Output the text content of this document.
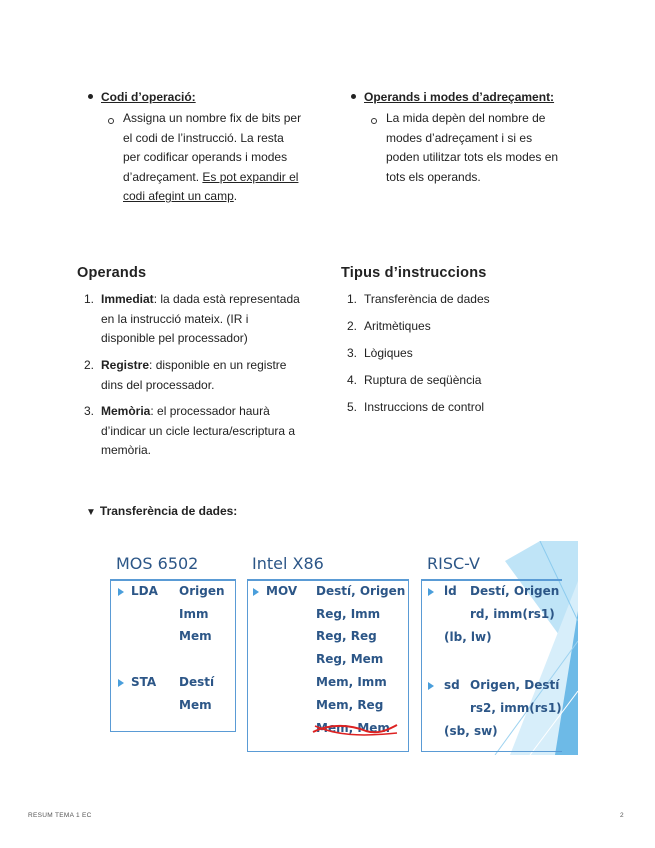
Codi d’operació:
Assigna un nombre fix de bits per
el codi de l’instrucció. La resta
per codificar operands i modes
d’adreçament. Es pot expandir el
codi afegint un camp.
Operands i modes d’adreçament:
La mida depèn del nombre de
modes d’adreçament i si es
poden utilitzar tots els modes en
tots els operands.
Operands
1. Immediat: la dada està representada
en la instrucció mateix. (IR i
disponible pel processador)
2. Registre: disponible en un registre
dins del processador.
3. Memòria: el processador haurà
d’indicar un cicle lectura/escriptura a
memòria.
Tipus d’instruccions
1. Transferència de dades
2. Aritmètiques
3. Lògiques
4. Ruptura de seqüència
5. Instruccions de control
▼ Transferència de dades:
MOS 6502	Intel X86	RISC-V
LDA Origen
Imm
Mem
STA Destí
Mem
MOV Destí, Origen
Reg, Imm
Reg, Reg
Reg, Mem
Mem, Imm
Mem, Reg
Mem, Mem
ld Destí, Origen
rd, imm(rs1)
(lb, lw)
sd Origen, Destí
rs2, imm(rs1)
(sb, sw)
RESUM TEMA 1 EC	2
